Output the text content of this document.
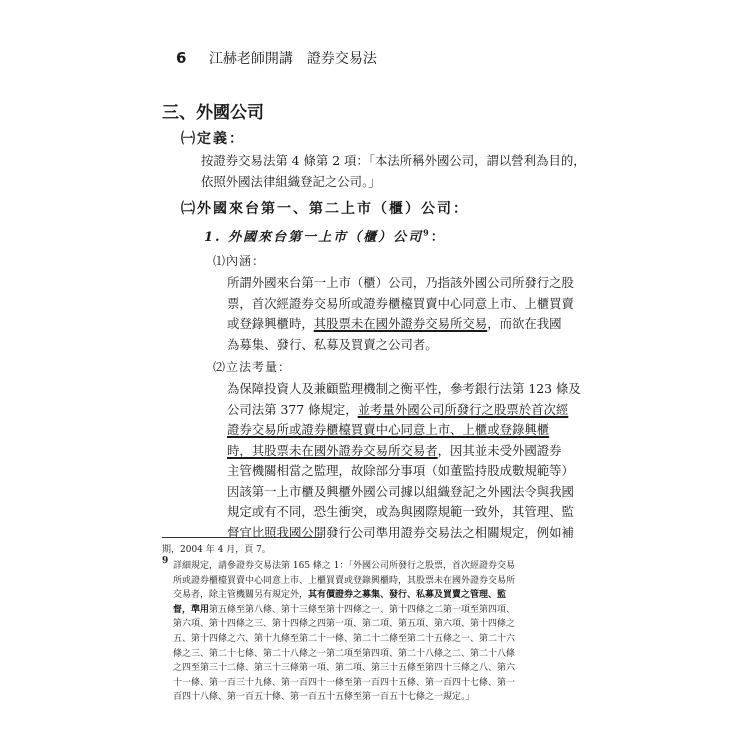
6 江赫老師開講　證券交易法
三、外國公司
㈠定義：
按證券交易法第 4 條第 2 項：「本法所稱外國公司，謂以營利為目的，
依照外國法律組織登記之公司。」
㈡外國來台第一、第二上市（櫃）公司：
1. 外國來台第一上市（櫃）公司$^9$：
⑴內涵：
所謂外國來台第一上市（櫃）公司，乃指該外國公司所發行之股
票，首次經證券交易所或證券櫃檯買賣中心同意上市、上櫃買賣
或登錄興櫃時，其股票未在國外證券交易所交易，而欲在我國
為募集、發行、私募及買賣之公司者。
⑵立法考量：
為保障投資人及兼顧監理機制之衡平性，參考銀行法第 123 條及
公司法第 377 條規定，並考量外國公司所發行之股票於首次經
證券交易所或證券櫃檯買賣中心同意上市、上櫃或登錄興櫃
時，其股票未在國外證券交易所交易者，因其並未受外國證券
主管機關相當之監理，故除部分事項（如董監持股成數規範等）
因該第一上市櫃及興櫃外國公司據以組織登記之外國法令與我國
規定或有不同，恐生衝突，或為與國際規範一致外，其管理、監
督宜比照我國公開發行公司準用證券交易法之相關規定，例如補
期，2004 年 4 月，頁 7。
9 詳細規定，請參證券交易法第 165 條之 1：「外國公司所發行之股票，首次經證券交易
所或證券櫃檯買賣中心同意上市、上櫃買賣或登錄興櫃時，其股票未在國外證券交易所
交易者，除主管機關另有規定外，其有價證券之募集、發行、私募及買賣之管理、監
督，準用第五條至第八條、第十三條至第十四條之一、第十四條之二第一項至第四項、
第六項、第十四條之三、第十四條之四第一項、第二項、第五項、第六項、第十四條之
五、第十四條之六、第十九條至第二十一條、第二十二條至第二十五條之一、第二十六
條之三、第二十七條、第二十八條之一第二項至第四項、第二十八條之二、第二十八條
之四至第三十二條、第三十三條第一項、第二項、第三十五條至第四十三條之八、第六
十一條、第一百三十九條、第一百四十一條至第一百四十五條、第一百四十七條、第一
百四十八條、第一百五十條、第一百五十五條至第一百五十七條之一規定。」
